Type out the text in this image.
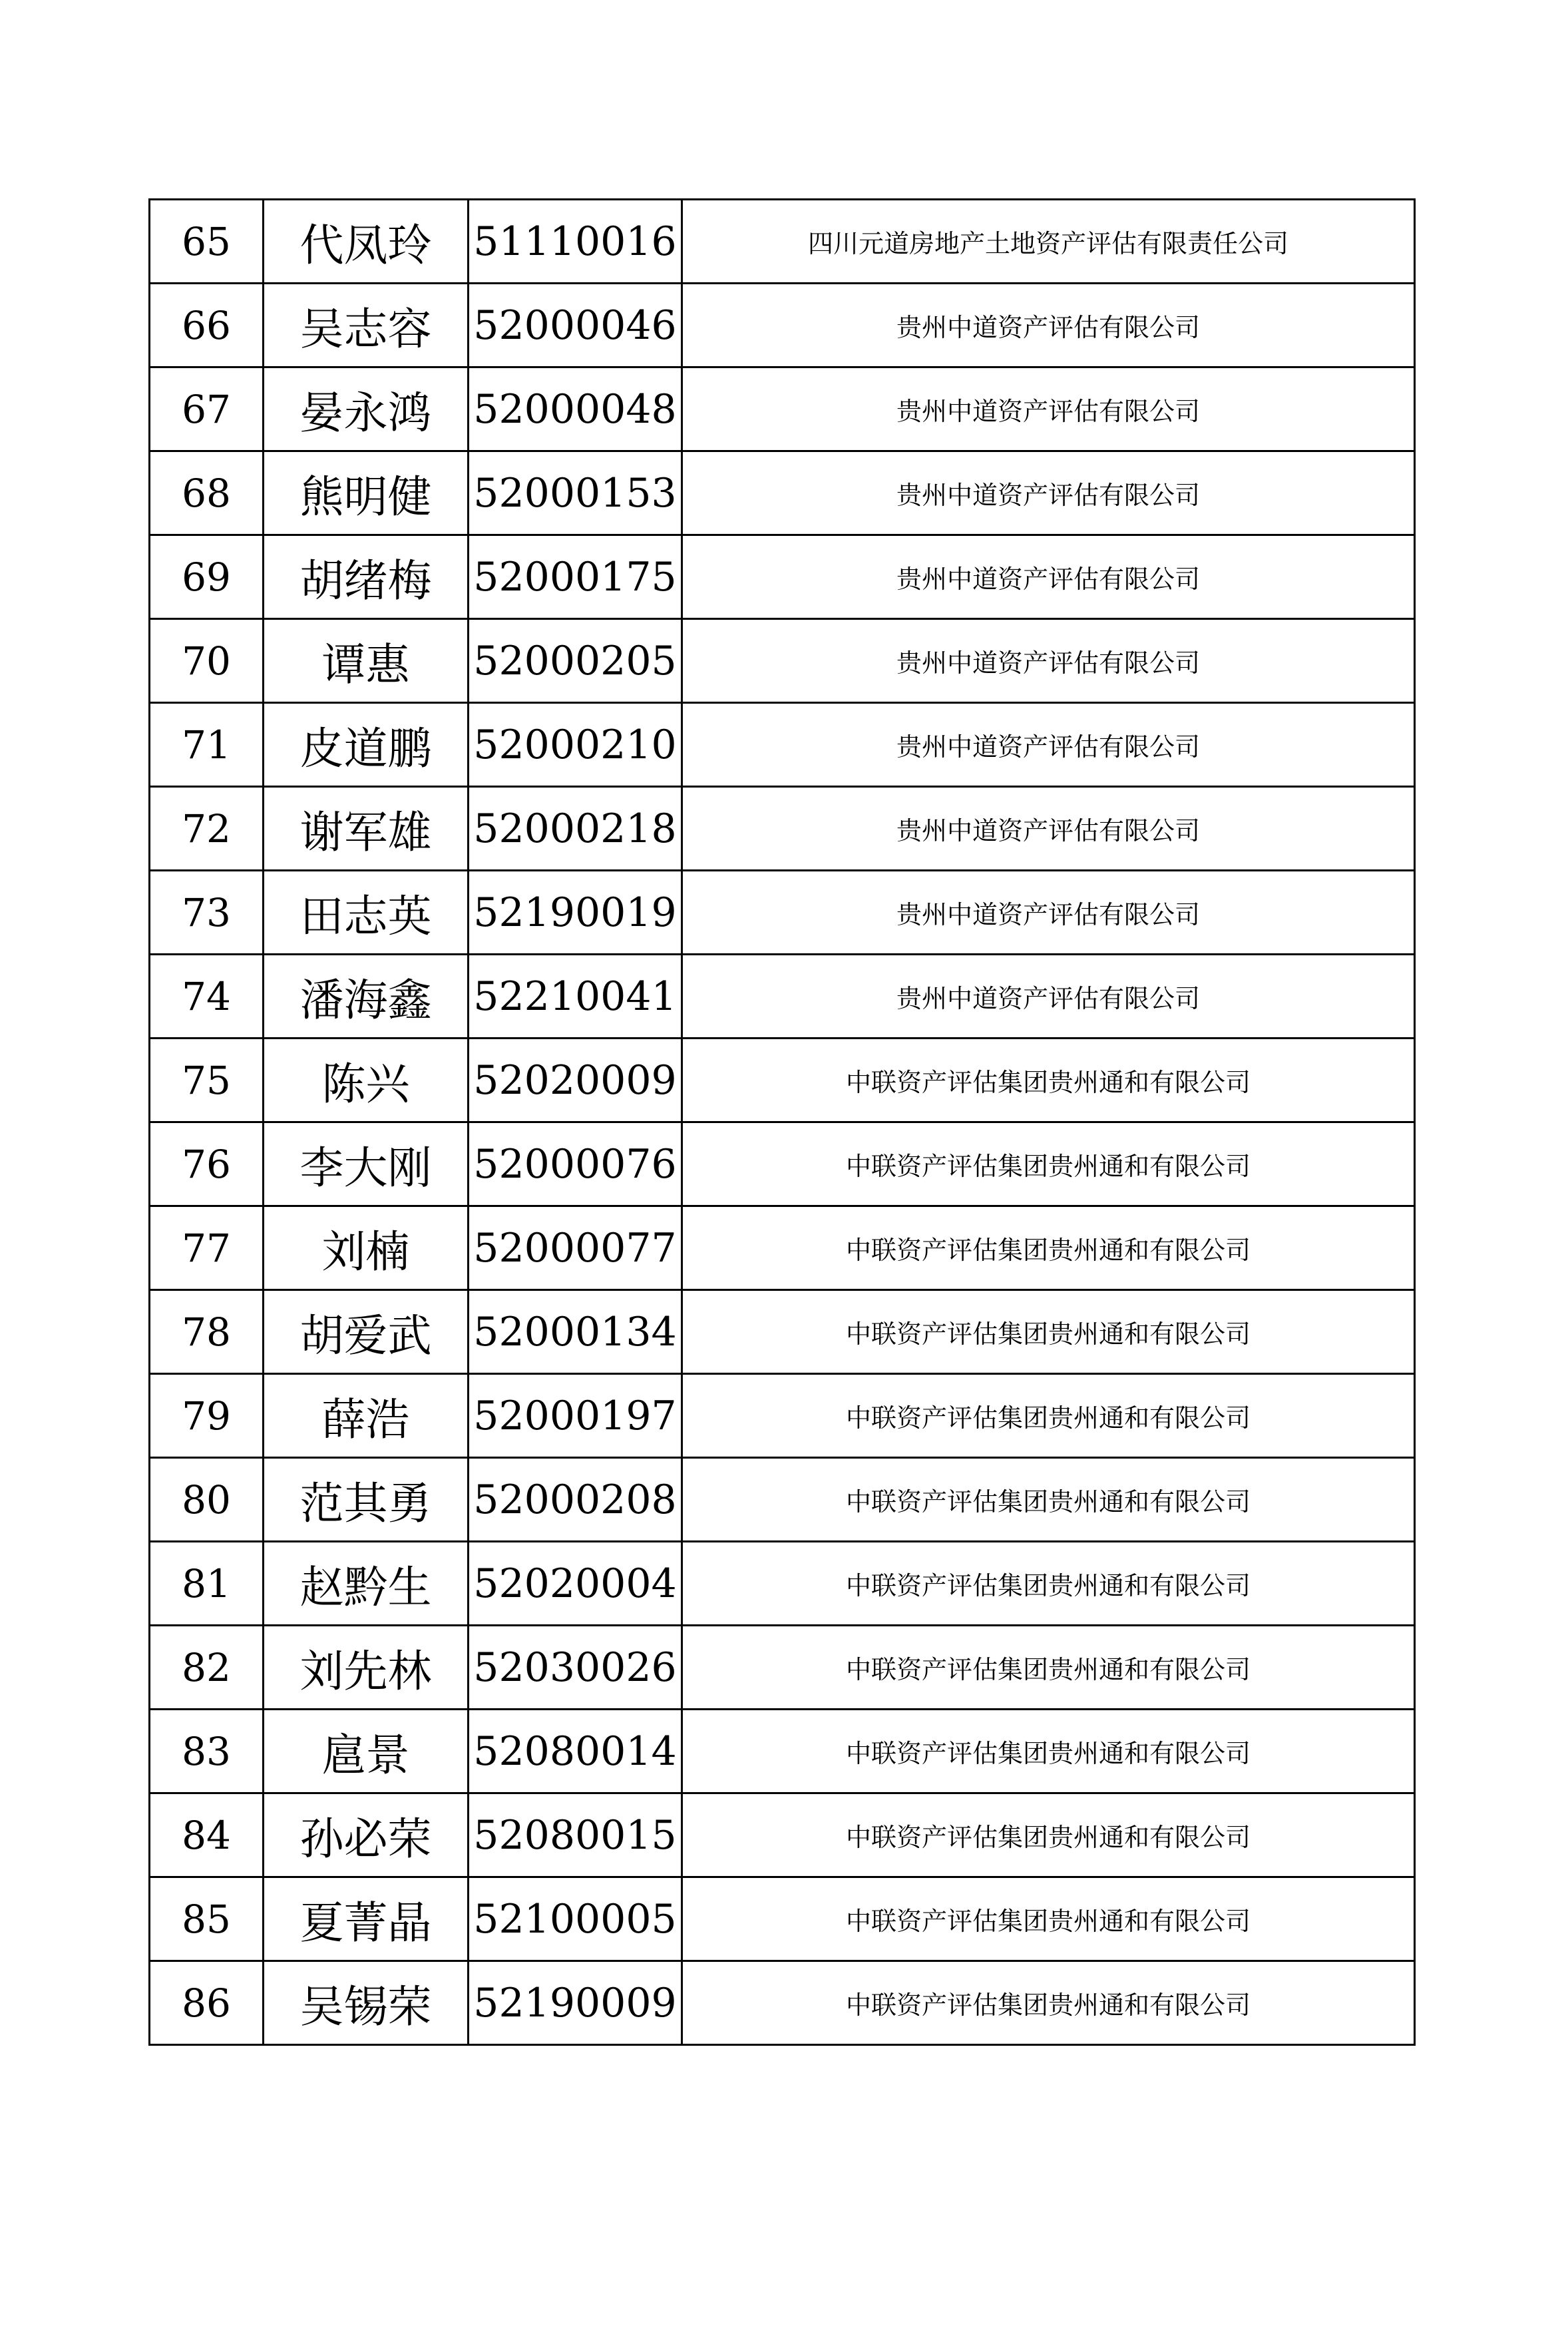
65	代凤玲	51110016	四川元道房地产土地资产评估有限责任公司
66	吴志容	52000046	贵州中道资产评估有限公司
67	晏永鸿	52000048	贵州中道资产评估有限公司
68	熊明健	52000153	贵州中道资产评估有限公司
69	胡绪梅	52000175	贵州中道资产评估有限公司
70	谭惠	52000205	贵州中道资产评估有限公司
71	皮道鹏	52000210	贵州中道资产评估有限公司
72	谢军雄	52000218	贵州中道资产评估有限公司
73	田志英	52190019	贵州中道资产评估有限公司
74	潘海鑫	52210041	贵州中道资产评估有限公司
75	陈兴	52020009	中联资产评估集团贵州通和有限公司
76	李大刚	52000076	中联资产评估集团贵州通和有限公司
77	刘楠	52000077	中联资产评估集团贵州通和有限公司
78	胡爱武	52000134	中联资产评估集团贵州通和有限公司
79	薛浩	52000197	中联资产评估集团贵州通和有限公司
80	范其勇	52000208	中联资产评估集团贵州通和有限公司
81	赵黔生	52020004	中联资产评估集团贵州通和有限公司
82	刘先林	52030026	中联资产评估集团贵州通和有限公司
83	扈景	52080014	中联资产评估集团贵州通和有限公司
84	孙必荣	52080015	中联资产评估集团贵州通和有限公司
85	夏菁晶	52100005	中联资产评估集团贵州通和有限公司
86	吴锡荣	52190009	中联资产评估集团贵州通和有限公司
